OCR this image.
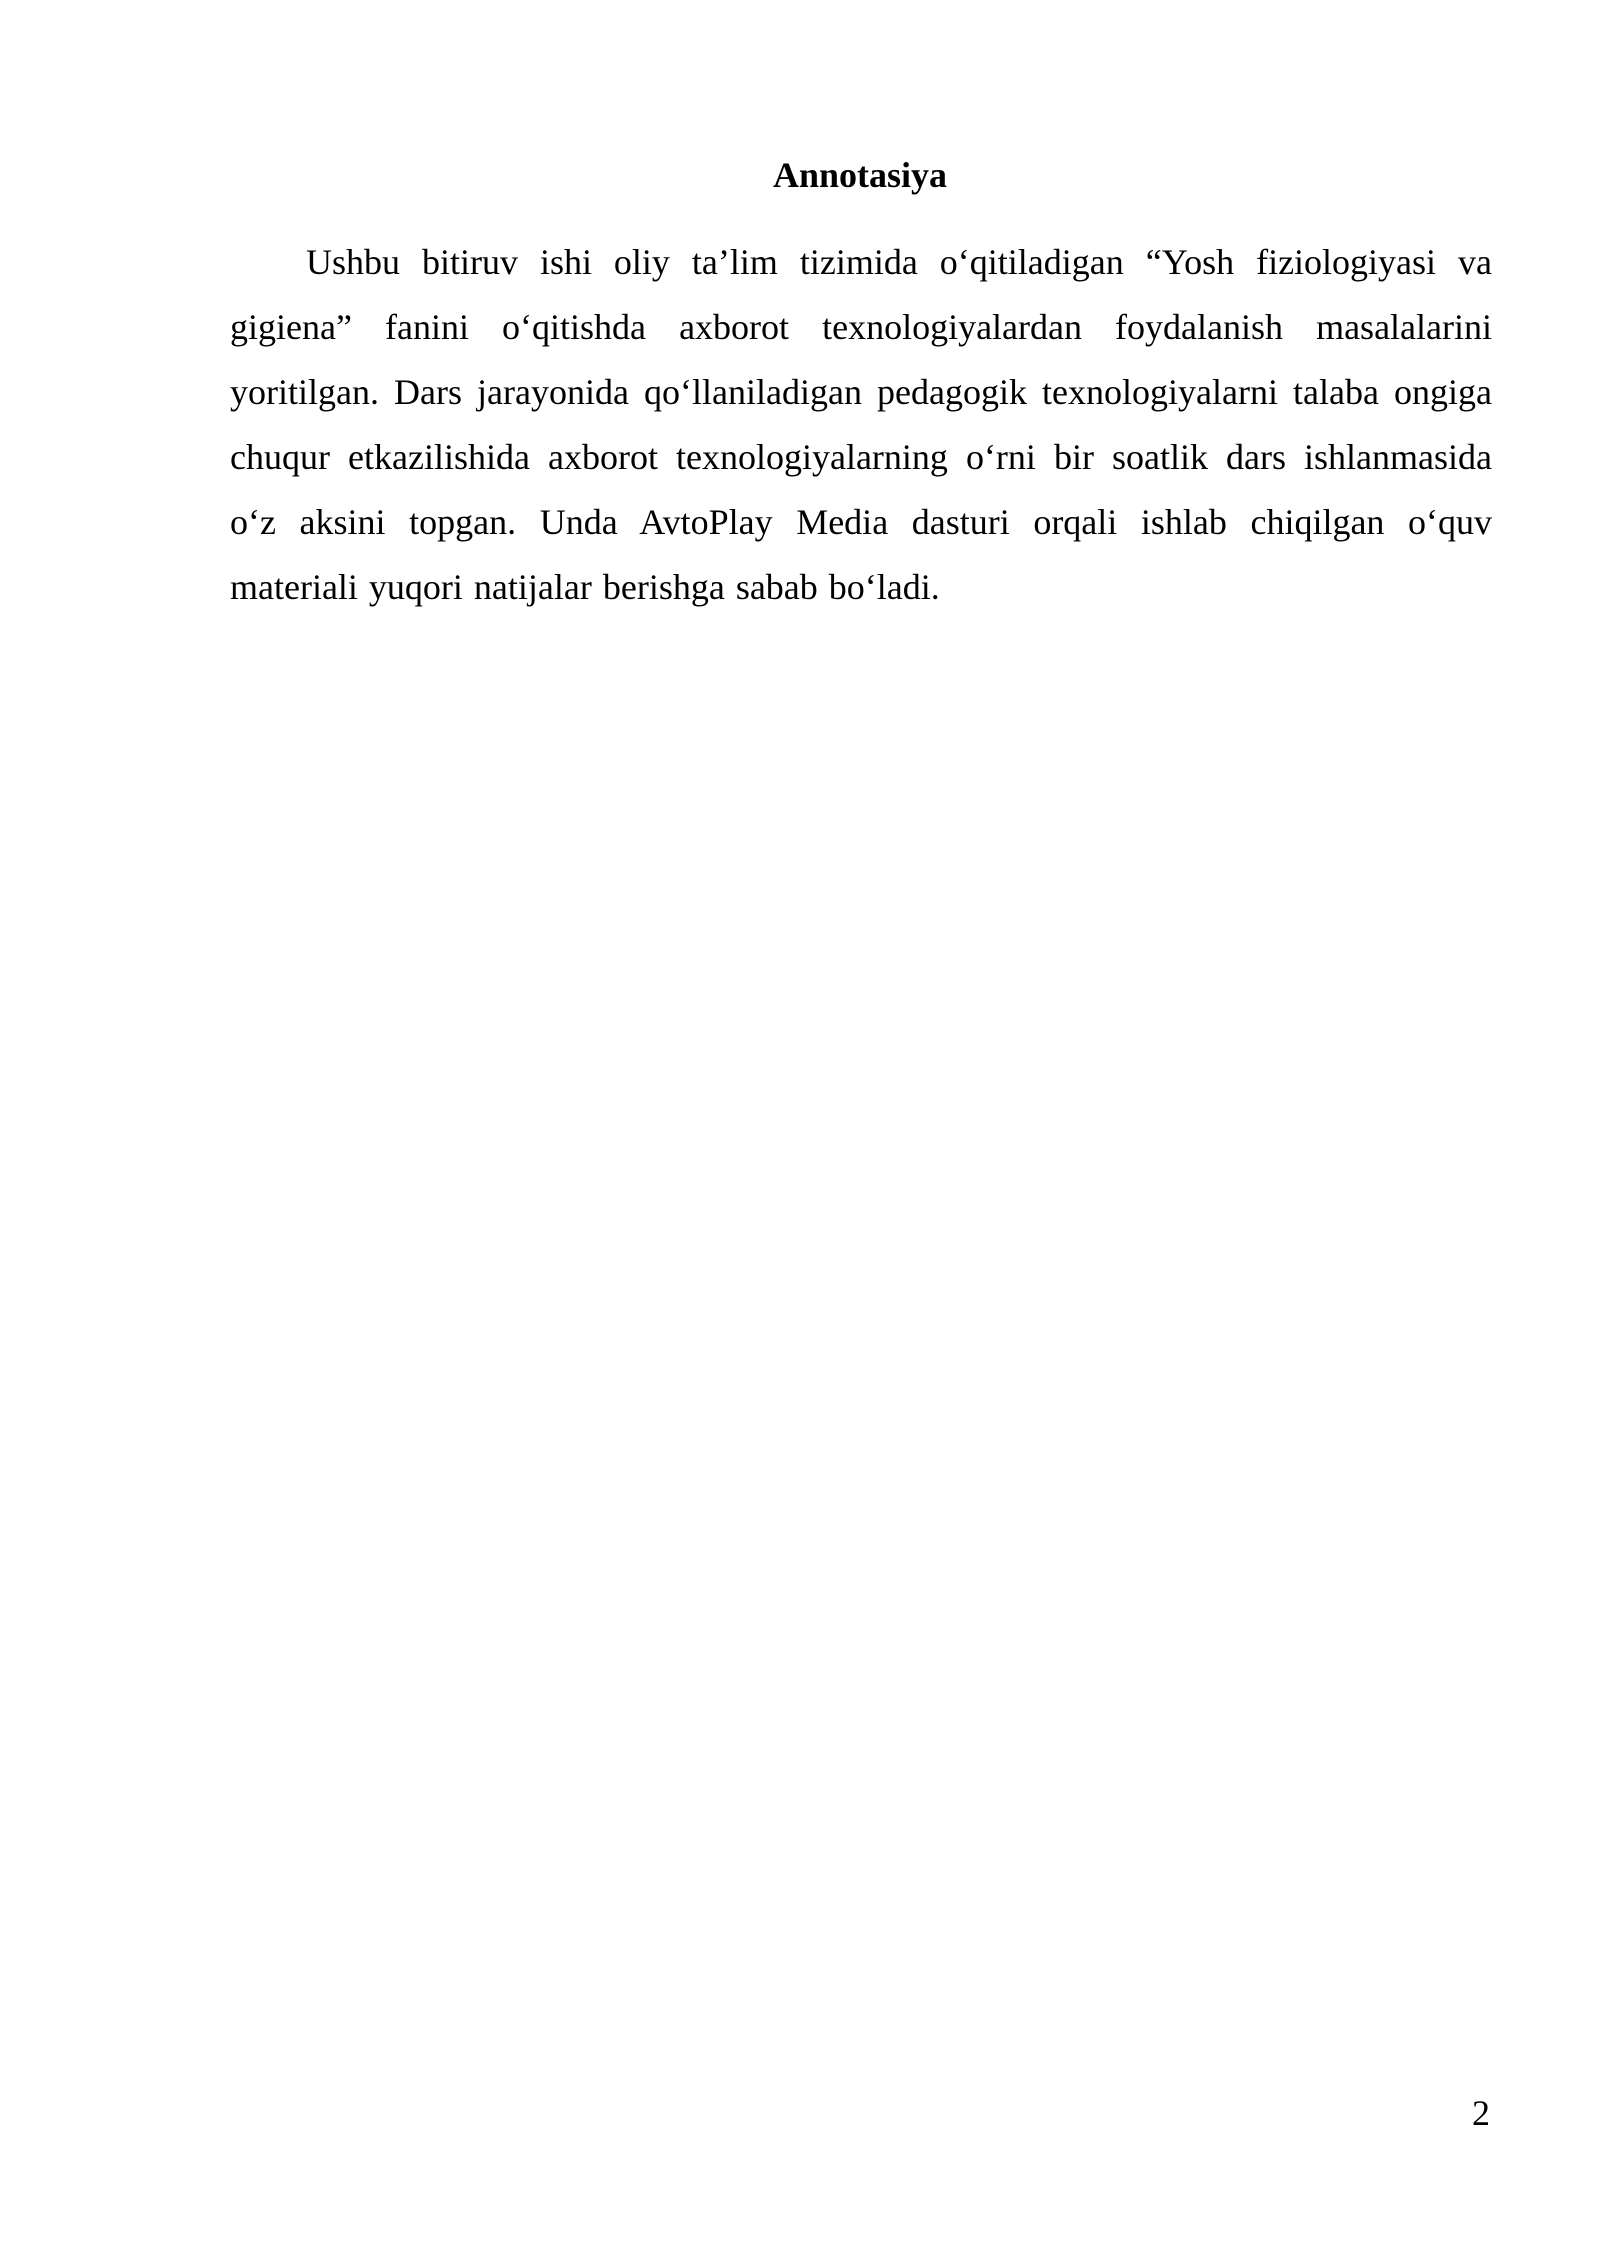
Annotasiya

Ushbu bitiruv ishi oliy ta’lim tizimida o‘qitiladigan “Yosh fiziologiyasi va gigiena” fanini o‘qitishda axborot texnologiyalardan foydalanish masalalarini yoritilgan. Dars jarayonida qo‘llaniladigan pedagogik texnologiyalarni talaba ongiga chuqur etkazilishida axborot texnologiyalarning o‘rni bir soatlik dars ishlanmasida o‘z aksini topgan. Unda AvtoPlay Media dasturi orqali ishlab chiqilgan o‘quv materiali yuqori natijalar berishga sabab bo‘ladi.

2
